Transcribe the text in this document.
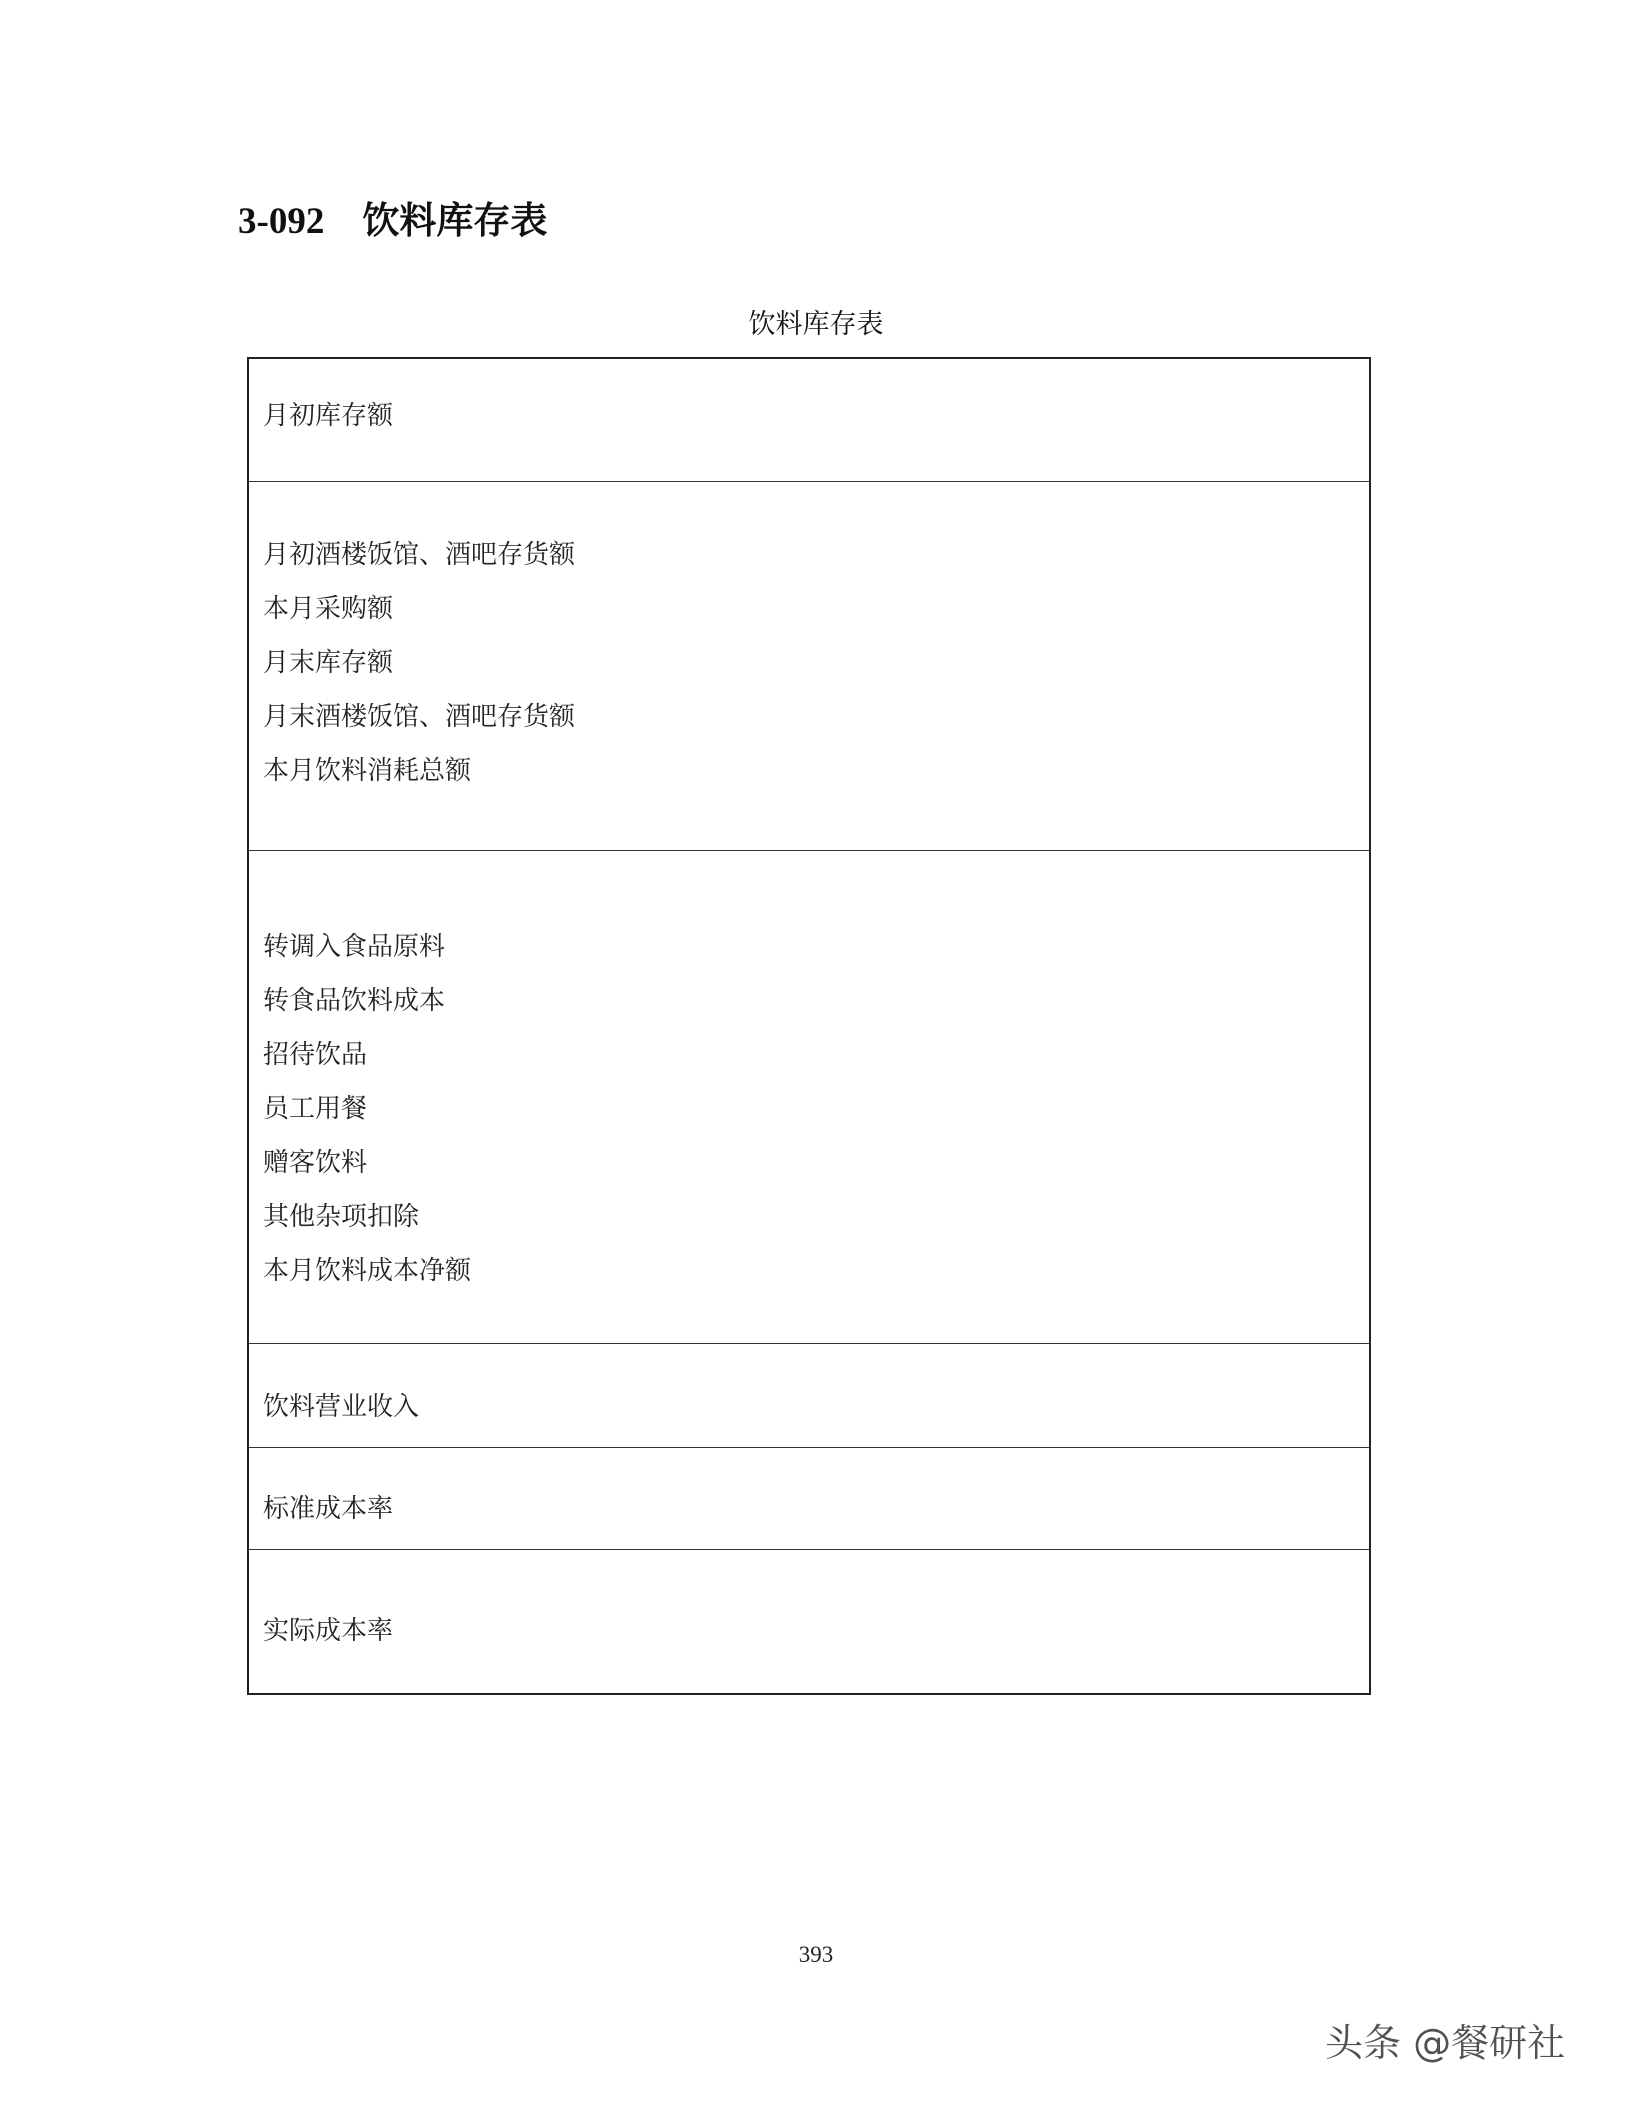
3-092 饮料库存表
饮料库存表
月初库存额
月初酒楼饭馆、酒吧存货额
本月采购额
月末库存额
月末酒楼饭馆、酒吧存货额
本月饮料消耗总额
转调入食品原料
转食品饮料成本
招待饮品
员工用餐
赠客饮料
其他杂项扣除
本月饮料成本净额
饮料营业收入
标准成本率
实际成本率
393
头条 @餐研社
